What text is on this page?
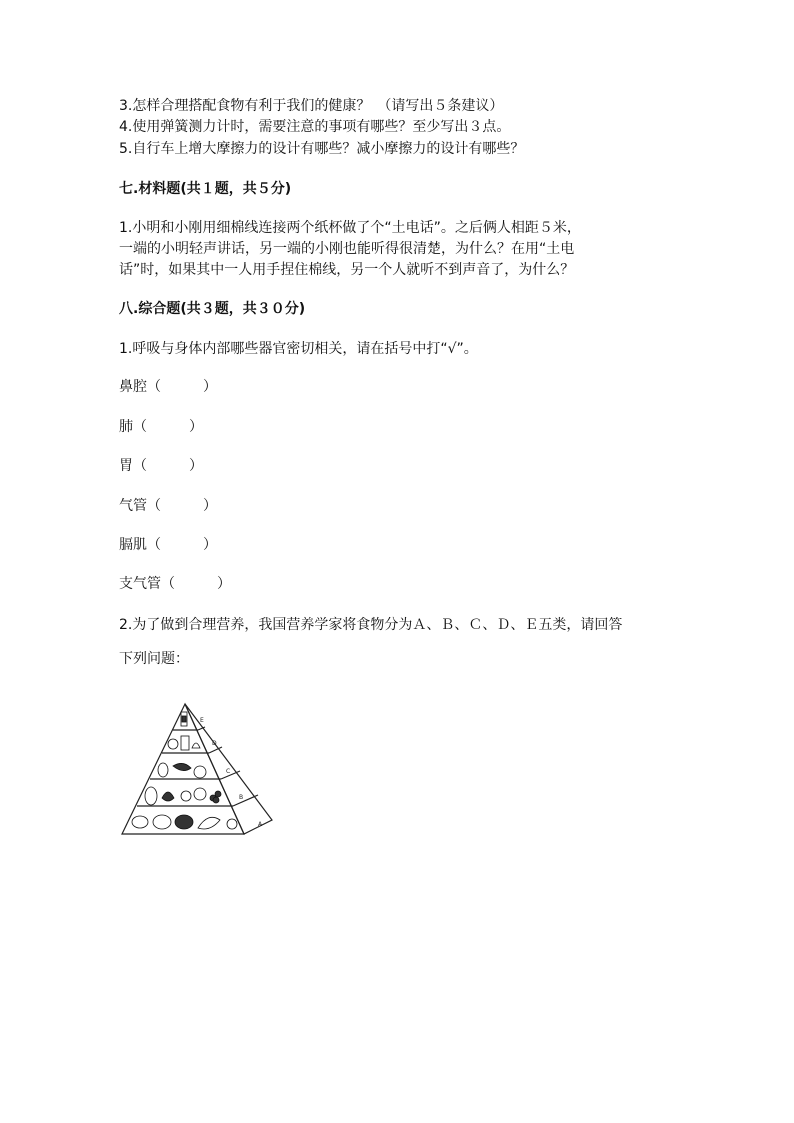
3.怎样合理搭配食物有利于我们的健康？　（请写出５条建议）
4.使用弹簧测力计时，需要注意的事项有哪些？至少写出３点。
5.自行车上增大摩擦力的设计有哪些？减小摩擦力的设计有哪些？
七.材料题(共１题，共５分)
1.小明和小刚用细棉线连接两个纸杯做了个“土电话”。之后俩人相距５米，
一端的小明轻声讲话，另一端的小刚也能听得很清楚，为什么？在用“土电
话”时，如果其中一人用手捏住棉线，另一个人就听不到声音了，为什么？
八.综合题(共３题，共３０分)
1.呼吸与身体内部哪些器官密切相关，请在括号中打“√”。
鼻腔（　　　）
肺（　　　）
胃（　　　）
气管（　　　）
膈肌（　　　）
支气管（　　　）
2.为了做到合理营养，我国营养学家将食物分为Ａ、Ｂ、Ｃ、Ｄ、Ｅ五类，请回答
下列问题：
E
D
C
B
A
